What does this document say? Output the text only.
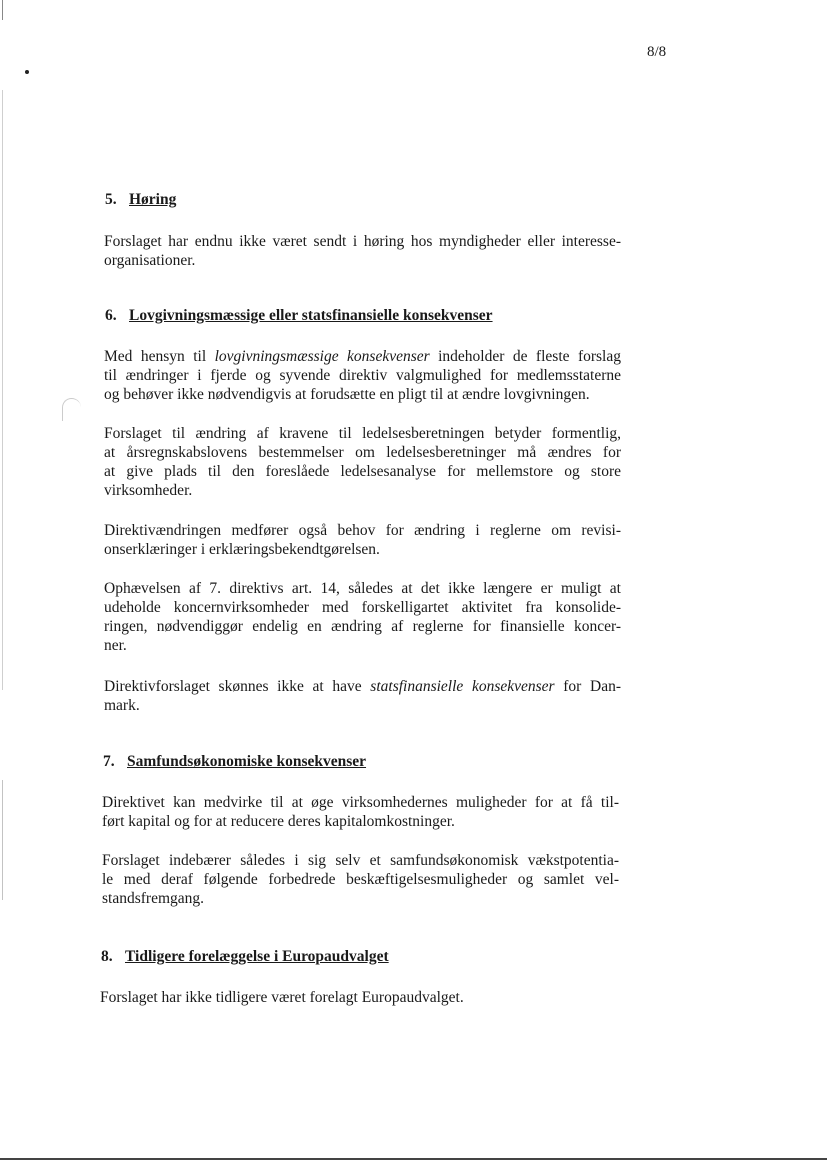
8/8
5. Høring

Forslaget har endnu ikke været sendt i høring hos myndigheder eller interesse-
organisationer.

6. Lovgivningsmæssige eller statsfinansielle konsekvenser

Med hensyn til lovgivningsmæssige konsekvenser indeholder de fleste forslag
til ændringer i fjerde og syvende direktiv valgmulighed for medlemsstaterne
og behøver ikke nødvendigvis at forudsætte en pligt til at ændre lovgivningen.

Forslaget til ændring af kravene til ledelsesberetningen betyder formentlig,
at årsregnskabslovens bestemmelser om ledelsesberetninger må ændres for
at give plads til den foreslåede ledelsesanalyse for mellemstore og store
virksomheder.

Direktivændringen medfører også behov for ændring i reglerne om revisi-
onserklæringer i erklæringsbekendtgørelsen.

Ophævelsen af 7. direktivs art. 14, således at det ikke længere er muligt at
udeholde koncernvirksomheder med forskelligartet aktivitet fra konsolide-
ringen, nødvendiggør endelig en ændring af reglerne for finansielle koncer-
ner.

Direktivforslaget skønnes ikke at have statsfinansielle konsekvenser for Dan-
mark.

7. Samfundsøkonomiske konsekvenser

Direktivet kan medvirke til at øge virksomhedernes muligheder for at få til-
ført kapital og for at reducere deres kapitalomkostninger.

Forslaget indebærer således i sig selv et samfundsøkonomisk vækstpotentia-
le med deraf følgende forbedrede beskæftigelsesmuligheder og samlet vel-
standsfremgang.

8. Tidligere forelæggelse i Europaudvalget

Forslaget har ikke tidligere været forelagt Europaudvalget.
